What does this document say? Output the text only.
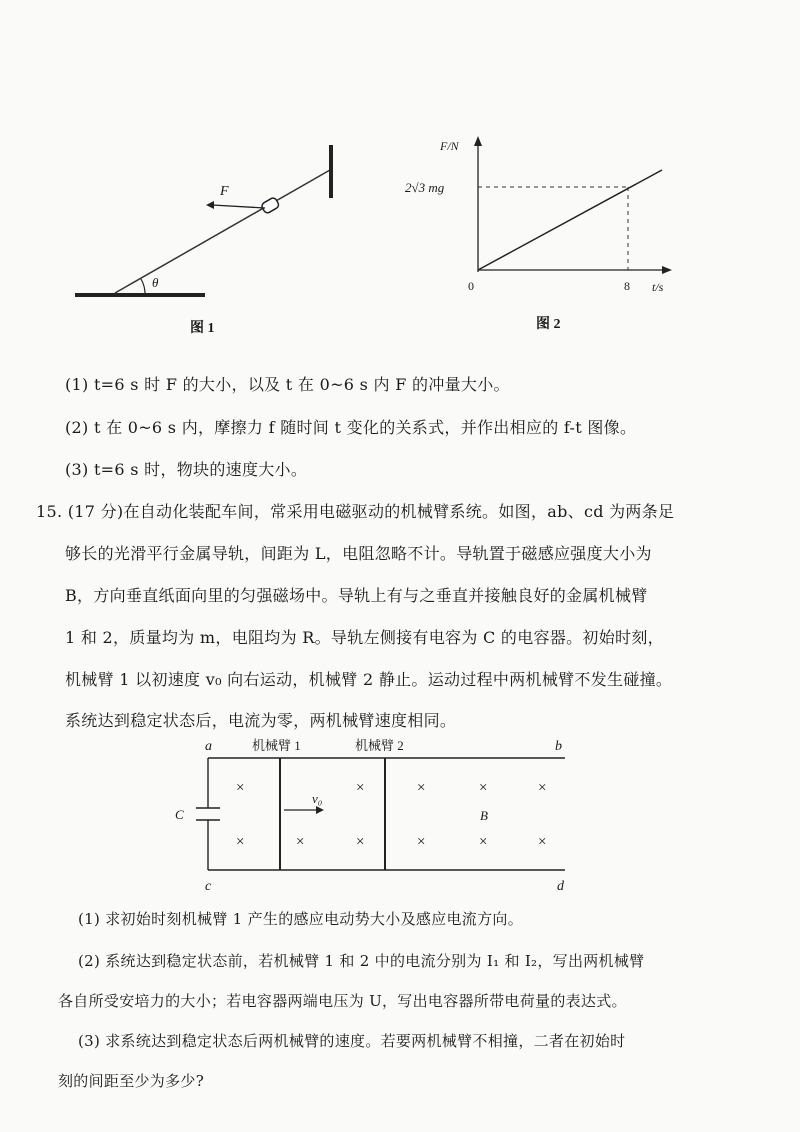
F
θ
图 1
F/N
2√3 mg
0	8 t/s
图 2
a	b
c	d
机械臂 1	机械臂 2
C
v₀
B
×	×	×	×	×
×	×	×	×	×	×
(1) t=6 s 时 F 的大小，以及 t 在 0~6 s 内 F 的冲量大小。
(2) t 在 0~6 s 内，摩擦力 f 随时间 t 变化的关系式，并作出相应的 f-t 图像。
(3) t=6 s 时，物块的速度大小。
15. (17 分)在自动化装配车间，常采用电磁驱动的机械臂系统。如图，ab、cd 为两条足
够长的光滑平行金属导轨，间距为 L，电阻忽略不计。导轨置于磁感应强度大小为
B，方向垂直纸面向里的匀强磁场中。导轨上有与之垂直并接触良好的金属机械臂
1 和 2，质量均为 m，电阻均为 R。导轨左侧接有电容为 C 的电容器。初始时刻，
机械臂 1 以初速度 v₀ 向右运动，机械臂 2 静止。运动过程中两机械臂不发生碰撞。
系统达到稳定状态后，电流为零，两机械臂速度相同。
(1) 求初始时刻机械臂 1 产生的感应电动势大小及感应电流方向。
(2) 系统达到稳定状态前，若机械臂 1 和 2 中的电流分别为 I₁ 和 I₂，写出两机械臂
各自所受安培力的大小；若电容器两端电压为 U，写出电容器所带电荷量的表达式。
(3) 求系统达到稳定状态后两机械臂的速度。若要两机械臂不相撞，二者在初始时
刻的间距至少为多少?
